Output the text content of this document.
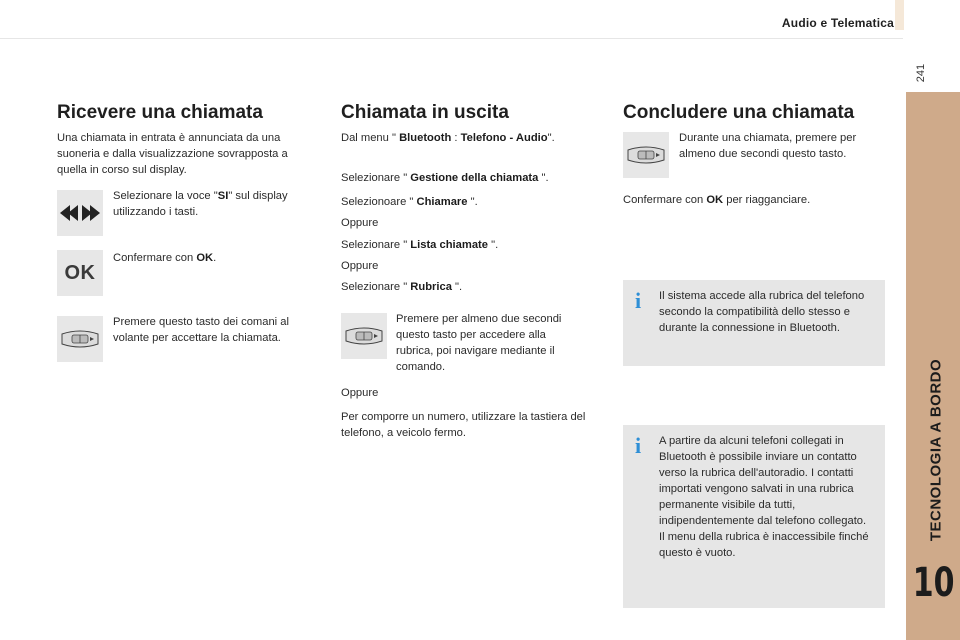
Audio e Telematica
241
TECNOLOGIA A BORDO
10
Ricevere una chiamata
Una chiamata in entrata è annunciata da una suoneria e dalla visualizzazione sovrapposta a quella in corso sul display.
Selezionare la voce "SI" sul display utilizzando i tasti.
OK
Confermare con OK.
Premere questo tasto dei comani al volante per accettare la chiamata.
Chiamata in uscita
Dal menu " Bluetooth : Telefono - Audio".
Selezionare " Gestione della chiamata ".
Selezionoare " Chiamare ".
Oppure
Selezionare " Lista chiamate ".
Oppure
Selezionare " Rubrica ".
Premere per almeno due secondi questo tasto per accedere alla rubrica, poi navigare mediante il comando.
Oppure
Per comporre un numero, utilizzare la tastiera del telefono, a veicolo fermo.
Concludere una chiamata
Durante una chiamata, premere per almeno due secondi questo tasto.
Confermare con OK per riagganciare.
i Il sistema accede alla rubrica del telefono secondo la compatibilità dello stesso e durante la connessione in Bluetooth.
i A partire da alcuni telefoni collegati in Bluetooth è possibile inviare un contatto verso la rubrica dell'autoradio. I contatti importati vengono salvati in una rubrica permanente visibile da tutti, indipendentemente dal telefono collegato.
Il menu della rubrica è inaccessibile finché questo è vuoto.
